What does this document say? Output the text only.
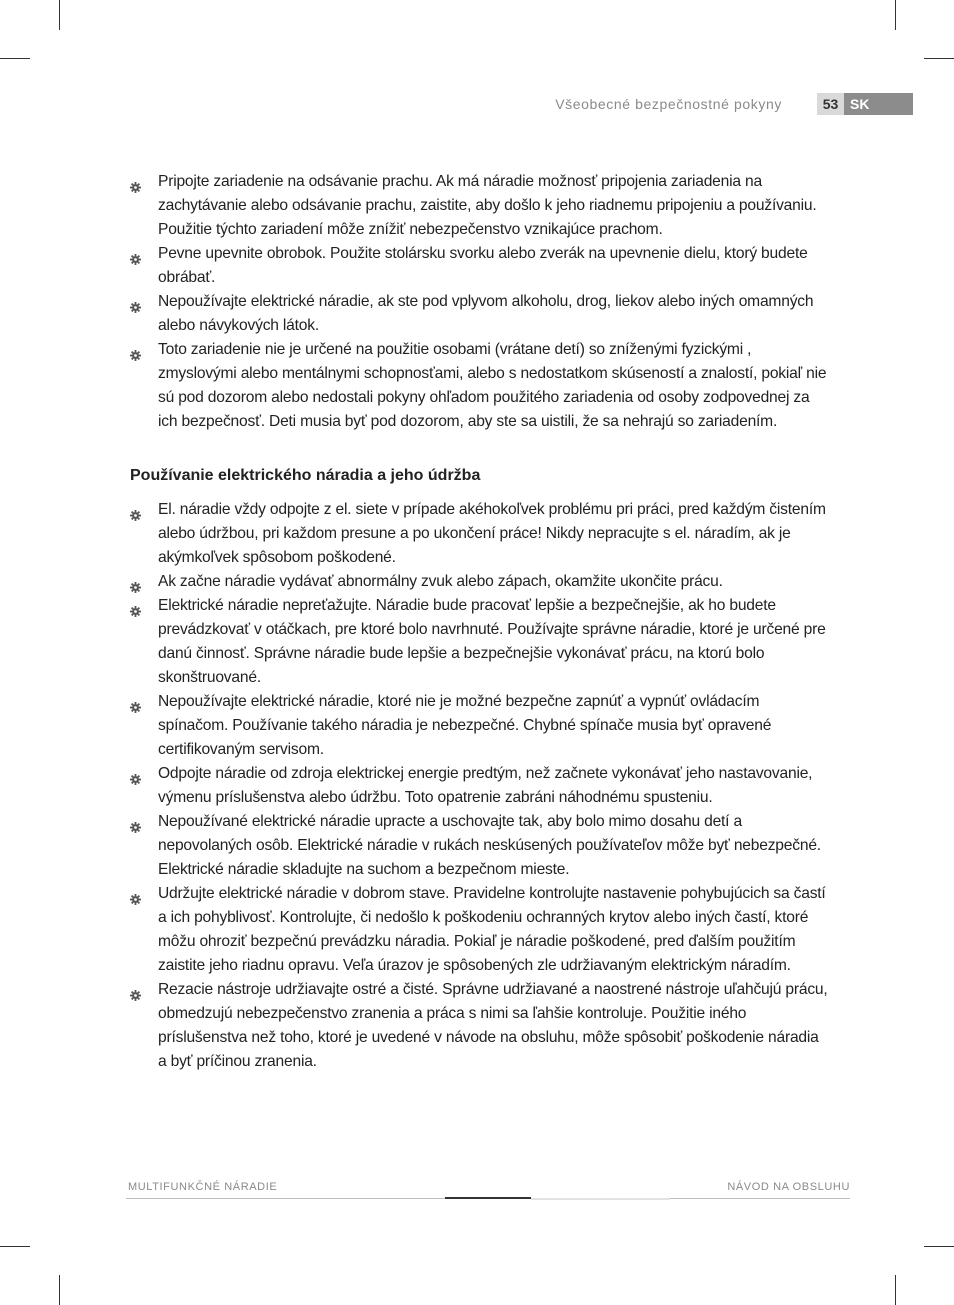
Všeobecné bezpečnostné pokyny	53 SK
Pripojte zariadenie na odsávanie prachu. Ak má náradie možnosť pripojenia zariadenia na zachytávanie alebo odsávanie prachu, zaistite, aby došlo k jeho riadnemu pripojeniu a používaniu. Použitie týchto zariadení môže znížiť nebezpečenstvo vznikajúce prachom.
Pevne upevnite obrobok. Použite stolársku svorku alebo zverák na upevnenie dielu, ktorý budete obrábať.
Nepoužívajte elektrické náradie, ak ste pod vplyvom alkoholu, drog, liekov alebo iných omamných alebo návykových látok.
Toto zariadenie nie je určené na použitie osobami (vrátane detí) so zníženými fyzickými , zmyslovými alebo mentálnymi schopnosťami, alebo s nedostatkom skúseností a znalostí, pokiaľ nie sú pod dozorom alebo nedostali pokyny ohľadom použitého zariadenia od osoby zodpovednej za ich bezpečnosť. Deti musia byť pod dozorom, aby ste sa uistili, že sa nehrajú so zariadením.
Používanie elektrického náradia a jeho údržba
El. náradie vždy odpojte z el. siete v prípade akéhokoľvek problému pri práci, pred každým čistením alebo údržbou, pri každom presune a po ukončení práce! Nikdy nepracujte s el. náradím, ak je akýmkoľvek spôsobom poškodené.
Ak začne náradie vydávať abnormálny zvuk alebo zápach, okamžite ukončite prácu.
Elektrické náradie nepreťažujte. Náradie bude pracovať lepšie a bezpečnejšie, ak ho budete prevádzkovať v otáčkach, pre ktoré bolo navrhnuté. Používajte správne náradie, ktoré je určené pre danú činnosť. Správne náradie bude lepšie a bezpečnejšie vykonávať prácu, na ktorú bolo skonštruované.
Nepoužívajte elektrické náradie, ktoré nie je možné bezpečne zapnúť a vypnúť ovládacím spínačom. Používanie takého náradia je nebezpečné. Chybné spínače musia byť opravené certifikovaným servisom.
Odpojte náradie od zdroja elektrickej energie predtým, než začnete vykonávať jeho nastavovanie, výmenu príslušenstva alebo údržbu. Toto opatrenie zabráni náhodnému spusteniu.
Nepoužívané elektrické náradie upracte a uschovajte tak, aby bolo mimo dosahu detí a nepovolaných osôb. Elektrické náradie v rukách neskúsených používateľov môže byť nebezpečné. Elektrické náradie skladujte na suchom a bezpečnom mieste.
Udržujte elektrické náradie v dobrom stave. Pravidelne kontrolujte nastavenie pohybujúcich sa častí a ich pohyblivosť. Kontrolujte, či nedošlo k poškodeniu ochranných krytov alebo iných častí, ktoré môžu ohroziť bezpečnú prevádzku náradia. Pokiaľ je náradie poškodené, pred ďalším použitím zaistite jeho riadnu opravu. Veľa úrazov je spôsobených zle udržiavaným elektrickým náradím.
Rezacie nástroje udržiavajte ostré a čisté. Správne udržiavané a naostrené nástroje uľahčujú prácu, obmedzujú nebezpečenstvo zranenia a práca s nimi sa ľahšie kontroluje. Použitie iného príslušenstva než toho, ktoré je uvedené v návode na obsluhu, môže spôsobiť poškodenie náradia a byť príčinou zranenia.
MULTIFUNKČNÉ NÁRADIE	NÁVOD NA OBSLUHU
